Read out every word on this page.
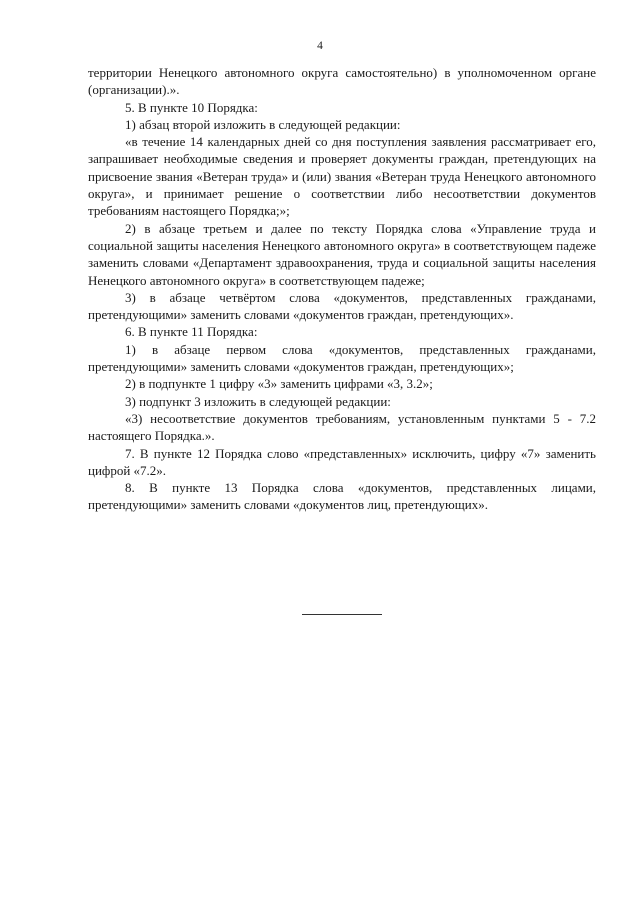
4

территории Ненецкого автономного округа самостоятельно) в уполномоченном органе (организации).».

5. В пункте 10 Порядка:

1) абзац второй изложить в следующей редакции:

«в течение 14 календарных дней со дня поступления заявления рассматривает его, запрашивает необходимые сведения и проверяет документы граждан, претендующих на присвоение звания «Ветеран труда» и (или) звания «Ветеран труда Ненецкого автономного округа», и принимает решение о соответствии либо несоответствии документов требованиям настоящего Порядка;»;

2) в абзаце третьем и далее по тексту Порядка слова «Управление труда и социальной защиты населения Ненецкого автономного округа» в соответствующем падеже заменить словами «Департамент здравоохранения, труда и социальной защиты населения Ненецкого автономного округа» в соответствующем падеже;

3) в абзаце четвёртом слова «документов, представленных гражданами, претендующими» заменить словами «документов граждан, претендующих».

6. В пункте 11 Порядка:

1) в абзаце первом слова «документов, представленных гражданами, претендующими» заменить словами «документов граждан, претендующих»;

2) в подпункте 1 цифру «3» заменить цифрами «3, 3.2»;

3) подпункт 3 изложить в следующей редакции:

«3) несоответствие документов требованиям, установленным пунктами 5 - 7.2 настоящего Порядка.».

7. В пункте 12 Порядка слово «представленных» исключить, цифру «7» заменить цифрой «7.2».

8. В пункте 13 Порядка слова «документов, представленных лицами, претендующими» заменить словами «документов лиц, претендующих».
